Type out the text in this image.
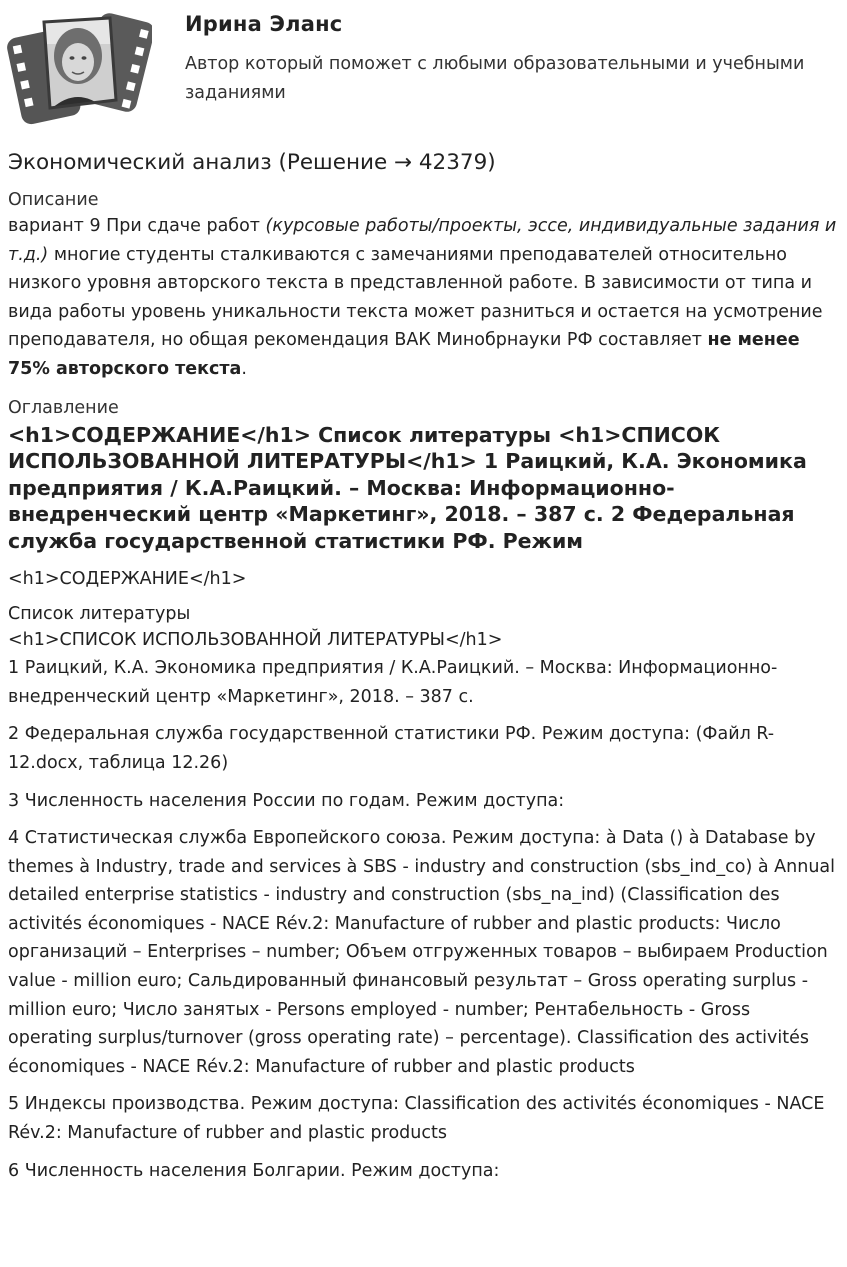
Ирина Эланс
Автор который поможет с любыми образовательными и учебными заданиями
Экономический анализ (Решение → 42379)
Описание

вариант 9 При сдаче работ (курсовые работы/проекты, эссе, индивидуальные задания и т.д.) многие студенты сталкиваются с замечаниями преподавателей относительно низкого уровня авторского текста в представленной работе. В зависимости от типа и вида работы уровень уникальности текста может разниться и остается на усмотрение преподавателя, но общая рекомендация ВАК Минобрнауки РФ составляет не менее 75% авторского текста.

Оглавление
<h1>СОДЕРЖАНИЕ</h1> Список литературы <h1>СПИСОК ИСПОЛЬЗОВАННОЙ ЛИТЕРАТУРЫ</h1> 1 Раицкий, К.А. Экономика предприятия / К.А.Раицкий. – Москва: Информационно- внедренческий центр «Маркетинг», 2018. – 387 с. 2 Федеральная служба государственной статистики РФ. Режим
<h1>СОДЕРЖАНИЕ</h1>
Список литературы
<h1>СПИСОК ИСПОЛЬЗОВАННОЙ ЛИТЕРАТУРЫ</h1>
1 Раицкий, К.А. Экономика предприятия / К.А.Раицкий. – Москва: Информационно- внедренческий центр «Маркетинг», 2018. – 387 с.
2 Федеральная служба государственной статистики РФ. Режим доступа: (Файл R-12.docx, таблица 12.26)
3 Численность населения России по годам. Режим доступа:
4 Статистическая служба Европейского союза. Режим доступа: à Data () à Database by themes à Industry, trade and services à SBS - industry and construction (sbs_ind_co) à Annual detailed enterprise statistics - industry and construction (sbs_na_ind) (Classification des activités économiques - NACE Rév.2: Manufacture of rubber and plastic products: Число организаций – Enterprises – number; Объем отгруженных товаров – выбираем Production value - million euro; Сальдированный финансовый результат – Gross operating surplus - million euro; Число занятых - Persons employed - number; Рентабельность - Gross operating surplus/turnover (gross operating rate) – percentage). Classification des activités économiques - NACE Rév.2: Manufacture of rubber and plastic products
5 Индексы производства. Режим доступа: Classification des activités économiques - NACE Rév.2: Manufacture of rubber and plastic products
6 Численность населения Болгарии. Режим доступа:
